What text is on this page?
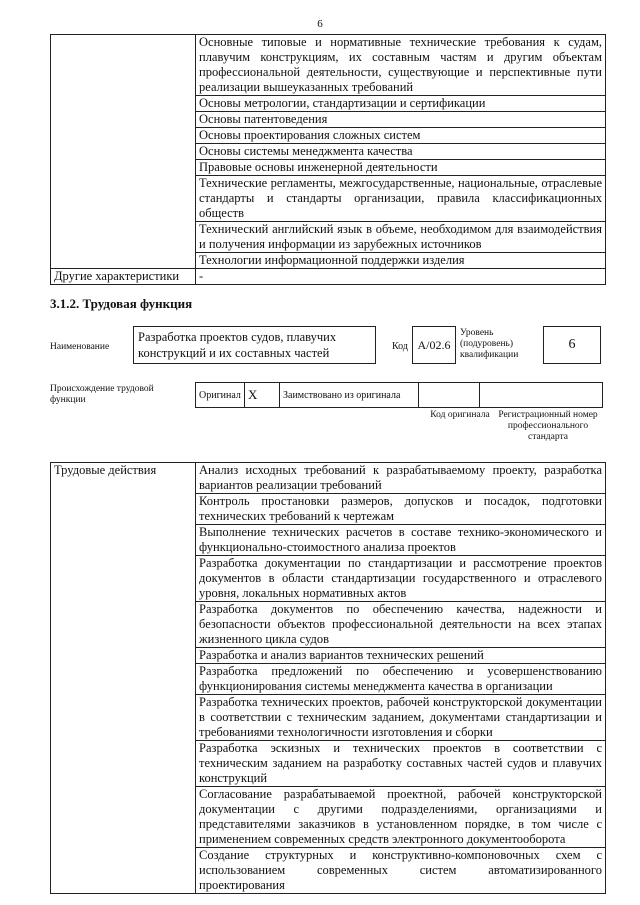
6
	Основные типовые и нормативные технические требования к судам, плавучим конструкциям, их составным частям и другим объектам профессиональной деятельности, существующие и перспективные пути реализации вышеуказанных требований
	Основы метрологии, стандартизации и сертификации
	Основы патентоведения
	Основы проектирования сложных систем
	Основы системы менеджмента качества
	Правовые основы инженерной деятельности
	Технические регламенты, межгосударственные, национальные, отраслевые стандарты и стандарты организации, правила классификационных обществ
	Технический английский язык в объеме, необходимом для взаимодействия и получения информации из зарубежных источников
	Технологии информационной поддержки изделия
Другие характеристики	-
3.1.2. Трудовая функция
Наименование
Разработка проектов судов, плавучих конструкций и их составных частей	Код A/02.6
Уровень (подуровень) квалификации
6
Происхождение трудовой функции	Оригинал	X	Заимствовано из оригинала		
Код оригинала Регистрационный номер профессионального стандарта
Трудовые действия	Анализ исходных требований к разрабатываемому проекту, разработка вариантов реализации требований
Контроль простановки размеров, допусков и посадок, подготовки технических требований к чертежам
Выполнение технических расчетов в составе технико-экономического и функционально-стоимостного анализа проектов
Разработка документации по стандартизации и рассмотрение проектов документов в области стандартизации государственного и отраслевого уровня, локальных нормативных актов
Разработка документов по обеспечению качества, надежности и безопасности объектов профессиональной деятельности на всех этапах жизненного цикла судов
Разработка и анализ вариантов технических решений
Разработка предложений по обеспечению и усовершенствованию функционирования системы менеджмента качества в организации
Разработка технических проектов, рабочей конструкторской документации в соответствии с техническим заданием, документами стандартизации и требованиями технологичности изготовления и сборки
Разработка эскизных и технических проектов в соответствии с техническим заданием на разработку составных частей судов и плавучих конструкций
Согласование разрабатываемой проектной, рабочей конструкторской документации с другими подразделениями, организациями и представителями заказчиков в установленном порядке, в том числе с применением современных средств электронного документооборота
Создание структурных и конструктивно-компоновочных схем с использованием современных систем автоматизированного проектирования
